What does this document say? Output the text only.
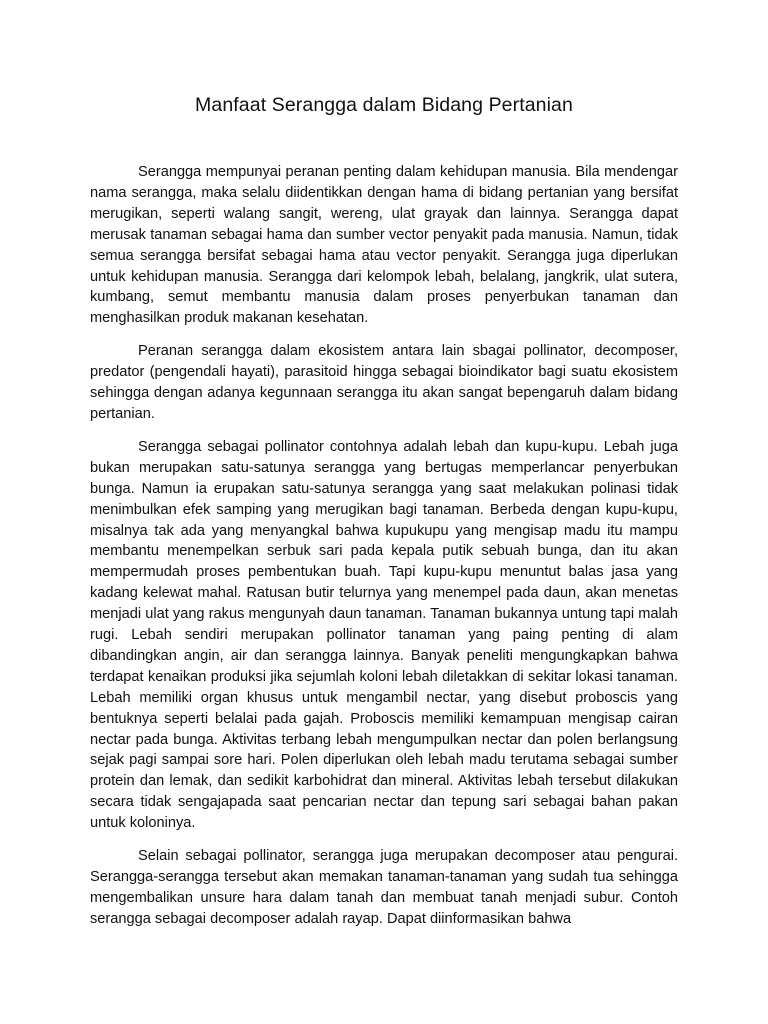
Manfaat Serangga dalam Bidang Pertanian

Serangga mempunyai peranan penting dalam kehidupan manusia. Bila mendengar nama serangga, maka selalu diidentikkan dengan hama di bidang pertanian yang bersifat merugikan, seperti walang sangit, wereng, ulat grayak dan lainnya. Serangga dapat merusak tanaman sebagai hama dan sumber vector penyakit pada manusia. Namun, tidak semua serangga bersifat sebagai hama atau vector penyakit. Serangga juga diperlukan untuk kehidupan manusia. Serangga dari kelompok lebah, belalang, jangkrik, ulat sutera, kumbang, semut membantu manusia dalam proses penyerbukan tanaman dan menghasilkan produk makanan kesehatan.

Peranan serangga dalam ekosistem antara lain sbagai pollinator, decomposer, predator (pengendali hayati), parasitoid hingga sebagai bioindikator bagi suatu ekosistem sehingga dengan adanya kegunnaan serangga itu akan sangat bepengaruh dalam bidang pertanian.

Serangga sebagai pollinator contohnya adalah lebah dan kupu-kupu. Lebah juga bukan merupakan satu-satunya serangga yang bertugas memperlancar penyerbukan bunga. Namun ia erupakan satu-satunya serangga yang saat melakukan polinasi tidak menimbulkan efek samping yang merugikan bagi tanaman. Berbeda dengan kupu-kupu, misalnya tak ada yang menyangkal bahwa kupukupu yang mengisap madu itu mampu membantu menempelkan serbuk sari pada kepala putik sebuah bunga, dan itu akan mempermudah proses pembentukan buah. Tapi kupu-kupu menuntut balas jasa yang kadang kelewat mahal. Ratusan butir telurnya yang menempel pada daun, akan menetas menjadi ulat yang rakus mengunyah daun tanaman. Tanaman bukannya untung tapi malah rugi. Lebah sendiri merupakan pollinator tanaman yang paing penting di alam dibandingkan angin, air dan serangga lainnya. Banyak peneliti mengungkapkan bahwa terdapat kenaikan produksi jika sejumlah koloni lebah diletakkan di sekitar lokasi tanaman. Lebah memiliki organ khusus untuk mengambil nectar, yang disebut proboscis yang bentuknya seperti belalai pada gajah. Proboscis memiliki kemampuan mengisap cairan nectar pada bunga. Aktivitas terbang lebah mengumpulkan nectar dan polen berlangsung sejak pagi sampai sore hari. Polen diperlukan oleh lebah madu terutama sebagai sumber protein dan lemak, dan sedikit karbohidrat dan mineral. Aktivitas lebah tersebut dilakukan secara tidak sengajapada saat pencarian nectar dan tepung sari sebagai bahan pakan untuk koloninya.

Selain sebagai pollinator, serangga juga merupakan decomposer atau pengurai. Serangga-serangga tersebut akan memakan tanaman-tanaman yang sudah tua sehingga mengembalikan unsure hara dalam tanah dan membuat tanah menjadi subur. Contoh serangga sebagai decomposer adalah rayap. Dapat diinformasikan bahwa
